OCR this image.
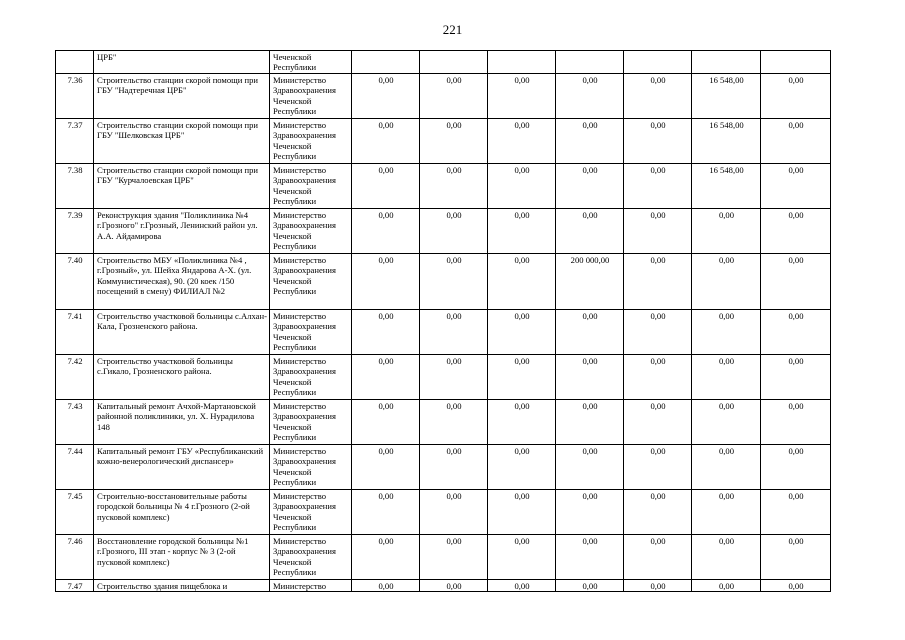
221
	ЦРБ"	Чеченской Республики							
7.36	Строительство станции скорой помощи при ГБУ "Надтеречная ЦРБ"	Министерство Здравоохранения Чеченской Республики	0,00	0,00	0,00	0,00	0,00	16 548,00	0,00
7.37	Строительство станции скорой помощи при ГБУ "Шелковская ЦРБ"	Министерство Здравоохранения Чеченской Республики	0,00	0,00	0,00	0,00	0,00	16 548,00	0,00
7.38	Строительство станции скорой помощи при ГБУ "Курчалоевская ЦРБ"	Министерство Здравоохранения Чеченской Республики	0,00	0,00	0,00	0,00	0,00	16 548,00	0,00
7.39	Реконструкция здания "Поликлиника №4 г.Грозного" г.Грозный, Ленинский район ул. А.А. Айдамирова	Министерство Здравоохранения Чеченской Республики	0,00	0,00	0,00	0,00	0,00	0,00	0,00
7.40	Строительство МБУ «Поликлиника №4 , г.Грозный», ул. Шейха Яндарова А-Х. (ул. Коммунистическая), 90. (20 коек /150 посещений в смену) ФИЛИАЛ №2	Министерство Здравоохранения Чеченской Республики	0,00	0,00	0,00	200 000,00	0,00	0,00	0,00
7.41	Строительство участковой больницы с.Алхан-Кала, Грозненского района.	Министерство Здравоохранения Чеченской Республики	0,00	0,00	0,00	0,00	0,00	0,00	0,00
7.42	Строительство участковой больницы с.Гикало, Грозненского района.	Министерство Здравоохранения Чеченской Республики	0,00	0,00	0,00	0,00	0,00	0,00	0,00
7.43	Капитальный ремонт Ачхой-Мартановской районной поликлиники, ул. Х. Нурадилова 148	Министерство Здравоохранения Чеченской Республики	0,00	0,00	0,00	0,00	0,00	0,00	0,00
7.44	Капитальный ремонт ГБУ «Республиканский кожно-венерологический диспансер»	Министерство Здравоохранения Чеченской Республики	0,00	0,00	0,00	0,00	0,00	0,00	0,00
7.45	Строительно-восстановительные работы городской больницы № 4 г.Грозного (2-ой пусковой комплекс)	Министерство Здравоохранения Чеченской Республики	0,00	0,00	0,00	0,00	0,00	0,00	0,00
7.46	Восстановление городской больницы №1 г.Грозного, III этап - корпус № 3 (2-ой пусковой комплекс)	Министерство Здравоохранения Чеченской Республики	0,00	0,00	0,00	0,00	0,00	0,00	0,00
7.47	Строительство здания пищеблока и	Министерство	0,00	0,00	0,00	0,00	0,00	0,00	0,00
